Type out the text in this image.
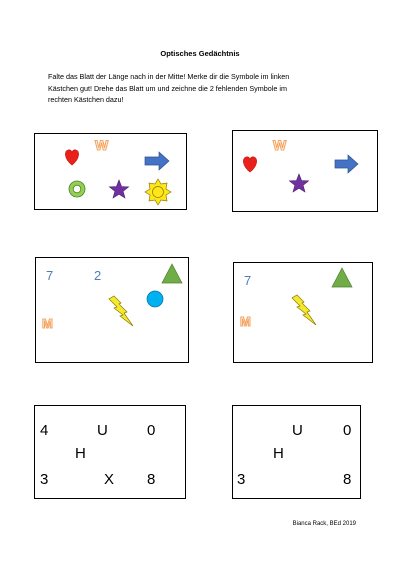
Optisches Gedächtnis
Falte das Blatt der Länge nach in der Mitte! Merke dir die Symbole im linken
Kästchen gut! Drehe das Blatt um und zeichne die 2 fehlenden Symbole im
rechten Kästchen dazu!
W	W
7	2
M
7
M
4	U	0
H
3	X 8
U	0
H
3	8
Bianca Rack, BEd 2019
